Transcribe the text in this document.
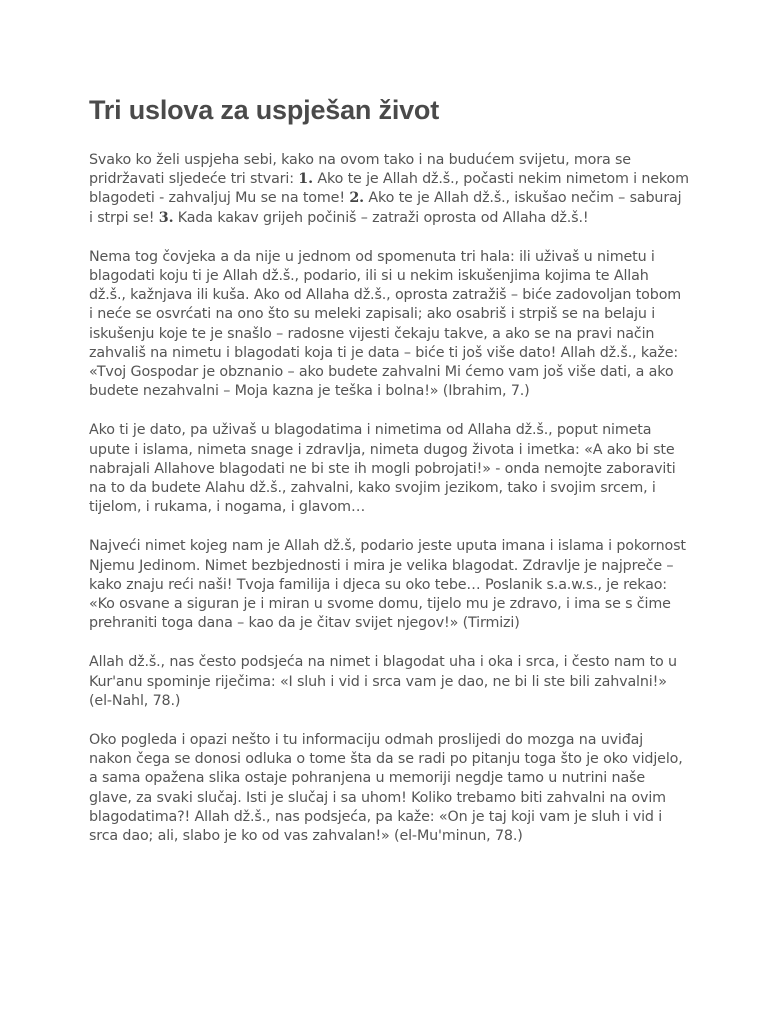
Tri uslova za uspješan život

Svako ko želi uspjeha sebi, kako na ovom tako i na budućem svijetu, mora se pridržavati sljedeće tri stvari: 1. Ako te je Allah dž.š., počasti nekim nimetom i nekom blagodeti - zahvaljuj Mu se na tome! 2. Ako te je Allah dž.š., iskušao nečim – saburaj i strpi se! 3. Kada kakav grijeh počiniš – zatraži oprosta od Allaha dž.š.!

Nema tog čovjeka a da nije u jednom od spomenuta tri hala: ili uživaš u nimetu i blagodati koju ti je Allah dž.š., podario, ili si u nekim iskušenjima kojima te Allah dž.š., kažnjava ili kuša. Ako od Allaha dž.š., oprosta zatražiš – biće zadovoljan tobom i neće se osvrćati na ono što su meleki zapisali; ako osabriš i strpiš se na belaju i iskušenju koje te je snašlo – radosne vijesti čekaju takve, a ako se na pravi način zahvališ na nimetu i blagodati koja ti je data – biće ti još više dato! Allah dž.š., kaže: «Tvoj Gospodar je obznanio – ako budete zahvalni Mi ćemo vam još više dati, a ako budete nezahvalni – Moja kazna je teška i bolna!» (Ibrahim, 7.)

Ako ti je dato, pa uživaš u blagodatima i nimetima od Allaha dž.š., poput nimeta upute i islama, nimeta snage i zdravlja, nimeta dugog života i imetka: «A ako bi ste nabrajali Allahove blagodati ne bi ste ih mogli pobrojati!» - onda nemojte zaboraviti na to da budete Alahu dž.š., zahvalni, kako svojim jezikom, tako i svojim srcem, i tijelom, i rukama, i nogama, i glavom…

Najveći nimet kojeg nam je Allah dž.š, podario jeste uputa imana i islama i pokornost Njemu Jedinom. Nimet bezbjednosti i mira je velika blagodat. Zdravlje je najpreče – kako znaju reći naši! Tvoja familija i djeca su oko tebe… Poslanik s.a.w.s., je rekao: «Ko osvane a siguran je i miran u svome domu, tijelo mu je zdravo, i ima se s čime prehraniti toga dana – kao da je čitav svijet njegov!» (Tirmizi)

Allah dž.š., nas često podsjeća na nimet i blagodat uha i oka i srca, i često nam to u Kur'anu spominje riječima: «I sluh i vid i srca vam je dao, ne bi li ste bili zahvalni!» (el-Nahl, 78.)

Oko pogleda i opazi nešto i tu informaciju odmah proslijedi do mozga na uviđaj nakon čega se donosi odluka o tome šta da se radi po pitanju toga što je oko vidjelo, a sama opažena slika ostaje pohranjena u memoriji negdje tamo u nutrini naše glave, za svaki slučaj. Isti je slučaj i sa uhom! Koliko trebamo biti zahvalni na ovim blagodatima?! Allah dž.š., nas podsjeća, pa kaže: «On je taj koji vam je sluh i vid i srca dao; ali, slabo je ko od vas zahvalan!» (el-Mu'minun, 78.)
